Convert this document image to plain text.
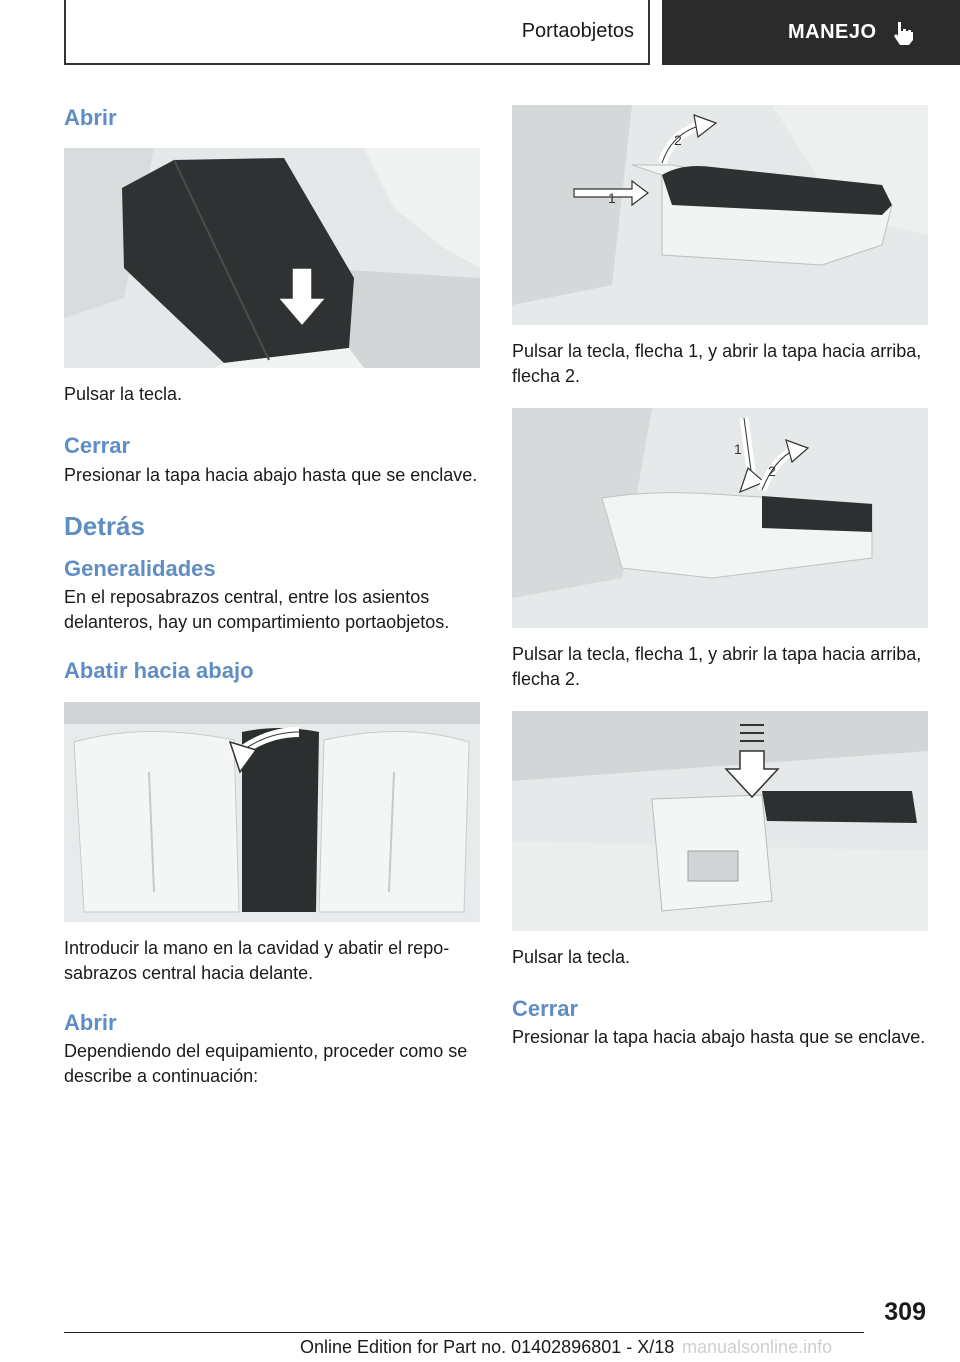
Portaobjetos	MANEJO
Abrir
Pulsar la tecla.
Cerrar
Presionar la tapa hacia abajo hasta que se enclave.
Detrás
Generalidades
En el reposabrazos central, entre los asientos delanteros, hay un compartimiento portaobjetos.
Abatir hacia abajo
Introducir la mano en la cavidad y abatir el reposabrazos central hacia delante.
Abrir
Dependiendo del equipamiento, proceder como se describe a continuación:
1
2
Pulsar la tecla, flecha 1, y abrir la tapa hacia arriba, flecha 2.
1
2
Pulsar la tecla, flecha 1, y abrir la tapa hacia arriba, flecha 2.
Pulsar la tecla.
Cerrar
Presionar la tapa hacia abajo hasta que se enclave.
309
Online Edition for Part no. 01402896801 - X/18 manualsonline.info
